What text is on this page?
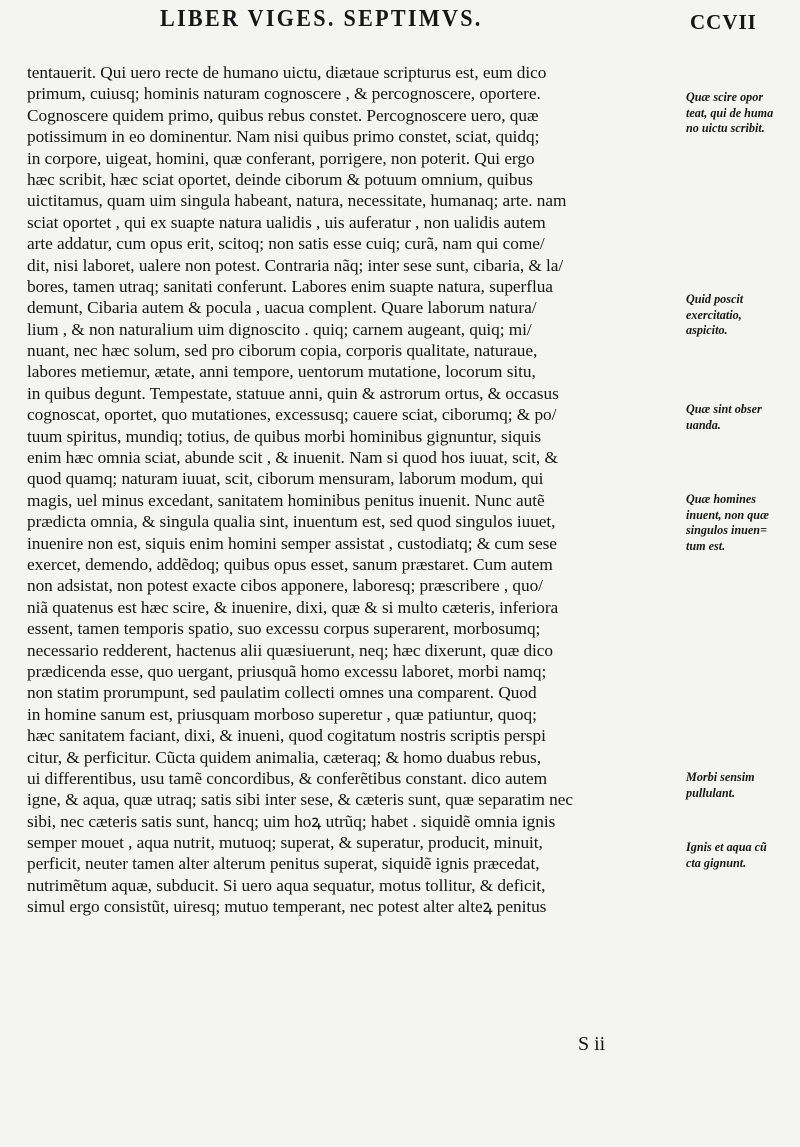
LIBER VIGES. SEPTIMVS.	CCVII
tentauerit. Qui uero recte de humano uictu, diætaue scripturus est, eum dico
primum, cuiusq; hominis naturam cognoscere , & percognoscere, oportere.
Cognoscere quidem primo, quibus rebus constet. Percognoscere uero, quæ
potissimum in eo dominentur. Nam nisi quibus primo constet, sciat, quidq;
in corpore, uigeat, homini, quæ conferant, porrigere, non poterit. Qui ergo
hæc scribit, hæc sciat oportet, deinde ciborum & potuum omnium, quibus
uictitamus, quam uim singula habeant, natura, necessitate, humanaq; arte. nam
sciat oportet , qui ex suapte natura ualidis , uis auferatur , non ualidis autem
arte addatur, cum opus erit, scitoq; non satis esse cuiq; curã, nam qui come/
dit, nisi laboret, ualere non potest. Contraria nãq; inter sese sunt, cibaria, & la/
bores, tamen utraq; sanitati conferunt. Labores enim suapte natura, superflua
demunt, Cibaria autem & pocula , uacua complent. Quare laborum natura/
lium , & non naturalium uim dignoscito . quiq; carnem augeant, quiq; mi/
nuant, nec hæc solum, sed pro ciborum copia, corporis qualitate, naturaue,
labores metiemur, ætate, anni tempore, uentorum mutatione, locorum situ,
in quibus degunt. Tempestate, statuue anni, quin & astrorum ortus, & occasus
cognoscat, oportet, quo mutationes, excessusq; cauere sciat, ciborumq; & po/
tuum spiritus, mundiq; totius, de quibus morbi hominibus gignuntur, siquis
enim hæc omnia sciat, abunde scit , & inuenit. Nam si quod hos iuuat, scit, &
quod quamq; naturam iuuat, scit, ciborum mensuram, laborum modum, qui
magis, uel minus excedant, sanitatem hominibus penitus inuenit. Nunc autẽ
prædicta omnia, & singula qualia sint, inuentum est, sed quod singulos iuuet,
inuenire non est, siquis enim homini semper assistat , custodiatq; & cum sese
exercet, demendo, addẽdoq; quibus opus esset, sanum præstaret. Cum autem
non adsistat, non potest exacte cibos apponere, laboresq; præscribere , quo/
niã quatenus est hæc scire, & inuenire, dixi, quæ & si multo cæteris, inferiora
essent, tamen temporis spatio, suo excessu corpus superarent, morbosumq;
necessario redderent, hactenus alii quæsiuerunt, neq; hæc dixerunt, quæ dico
prædicenda esse, quo uergant, priusquã homo excessu laboret, morbi namq;
non statim prorumpunt, sed paulatim collecti omnes una comparent. Quod
in homine sanum est, priusquam morboso superetur , quæ patiuntur, quoq;
hæc sanitatem faciant, dixi, & inueni, quod cogitatum nostris scriptis perspi
citur, & perficitur. Cũcta quidem animalia, cæteraq; & homo duabus rebus,
ui differentibus, usu tamẽ concordibus, & conferẽtibus constant. dico autem
igne, & aqua, quæ utraq; satis sibi inter sese, & cæteris sunt, quæ separatim nec
sibi, nec cæteris satis sunt, hancq; uim hoꝝ utrũq; habet . siquidẽ omnia ignis
semper mouet , aqua nutrit, mutuoq; superat, & superatur, producit, minuit,
perficit, neuter tamen alter alterum penitus superat, siquidẽ ignis præcedat,
nutrimẽtum aquæ, subducit. Si uero aqua sequatur, motus tollitur, & deficit,
simul ergo consistũt, uiresq; mutuo temperant, nec potest alter alteꝝ penitus
Quæ scire opor
teat, qui de huma
no uictu scribit.
Quid poscit
exercitatio,
aspicito.
Quæ sint obser
uanda.
Quæ homines
inuent, non quæ
singulos inuen=
tum est.
Morbi sensim
pullulant.
Ignis et aqua cũ
cta gignunt.
S ii
